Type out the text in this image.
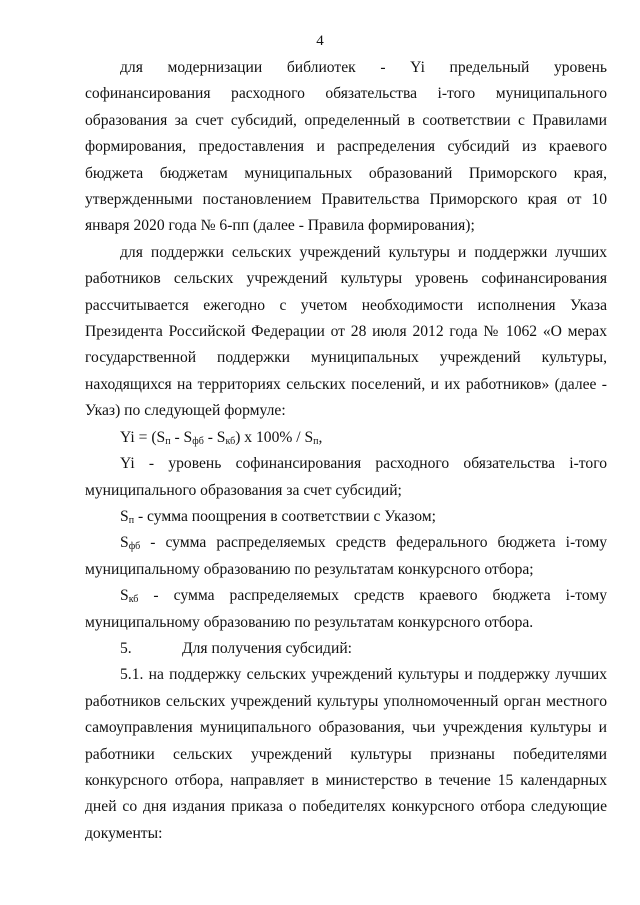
4

для модернизации библиотек - Yi предельный уровень софинансирования расходного обязательства i-того муниципального образования за счет субсидий, определенный в соответствии с Правилами формирования, предоставления и распределения субсидий из краевого бюджета бюджетам муниципальных образований Приморского края, утвержденными постановлением Правительства Приморского края от 10 января 2020 года № 6-пп (далее - Правила формирования);

для поддержки сельских учреждений культуры и поддержки лучших работников сельских учреждений культуры уровень софинансирования рассчитывается ежегодно с учетом необходимости исполнения Указа Президента Российской Федерации от 28 июля 2012 года № 1062 «О мерах государственной поддержки муниципальных учреждений культуры, находящихся на территориях сельских поселений, и их работников» (далее - Указ) по следующей формуле:

$Yi = (S_п - S_{фб} - S_{кб})$ х $100\% / S_п$,

Yi - уровень софинансирования расходного обязательства i-того муниципального образования за счет субсидий;

$S_п$ - сумма поощрения в соответствии с Указом;

$S_{фб}$ - сумма распределяемых средств федерального бюджета i-тому муниципальному образованию по результатам конкурсного отбора;

$S_{кб}$ - сумма распределяемых средств краевого бюджета i-тому муниципальному образованию по результатам конкурсного отбора.

5.	Для получения субсидий:

5.1. на поддержку сельских учреждений культуры и поддержку лучших работников сельских учреждений культуры уполномоченный орган местного самоуправления муниципального образования, чьи учреждения культуры и работники сельских учреждений культуры признаны победителями конкурсного отбора, направляет в министерство в течение 15 календарных дней со дня издания приказа о победителях конкурсного отбора следующие документы:
